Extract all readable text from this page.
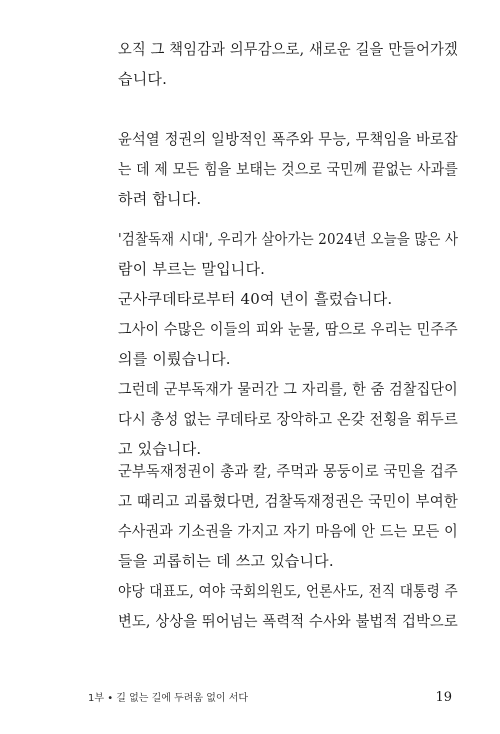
오직 그 책임감과 의무감으로, 새로운 길을 만들어가겠
습니다.
윤석열 정권의 일방적인 폭주와 무능, 무책임을 바로잡
는 데 제 모든 힘을 보태는 것으로 국민께 끝없는 사과를
하려 합니다.
'검찰독재 시대', 우리가 살아가는 2024년 오늘을 많은 사
람이 부르는 말입니다.
군사쿠데타로부터 40여 년이 흘렀습니다.
그사이 수많은 이들의 피와 눈물, 땀으로 우리는 민주주
의를 이뤘습니다.
그런데 군부독재가 물러간 그 자리를, 한 줌 검찰집단이
다시 총성 없는 쿠데타로 장악하고 온갖 전횡을 휘두르
고 있습니다.
군부독재정권이 총과 칼, 주먹과 몽둥이로 국민을 겁주
고 때리고 괴롭혔다면, 검찰독재정권은 국민이 부여한
수사권과 기소권을 가지고 자기 마음에 안 드는 모든 이
들을 괴롭히는 데 쓰고 있습니다.
야당 대표도, 여야 국회의원도, 언론사도, 전직 대통령 주
변도, 상상을 뛰어넘는 폭력적 수사와 불법적 겁박으로
1부 • 길 없는 길에 두려움 없이 서다	19
